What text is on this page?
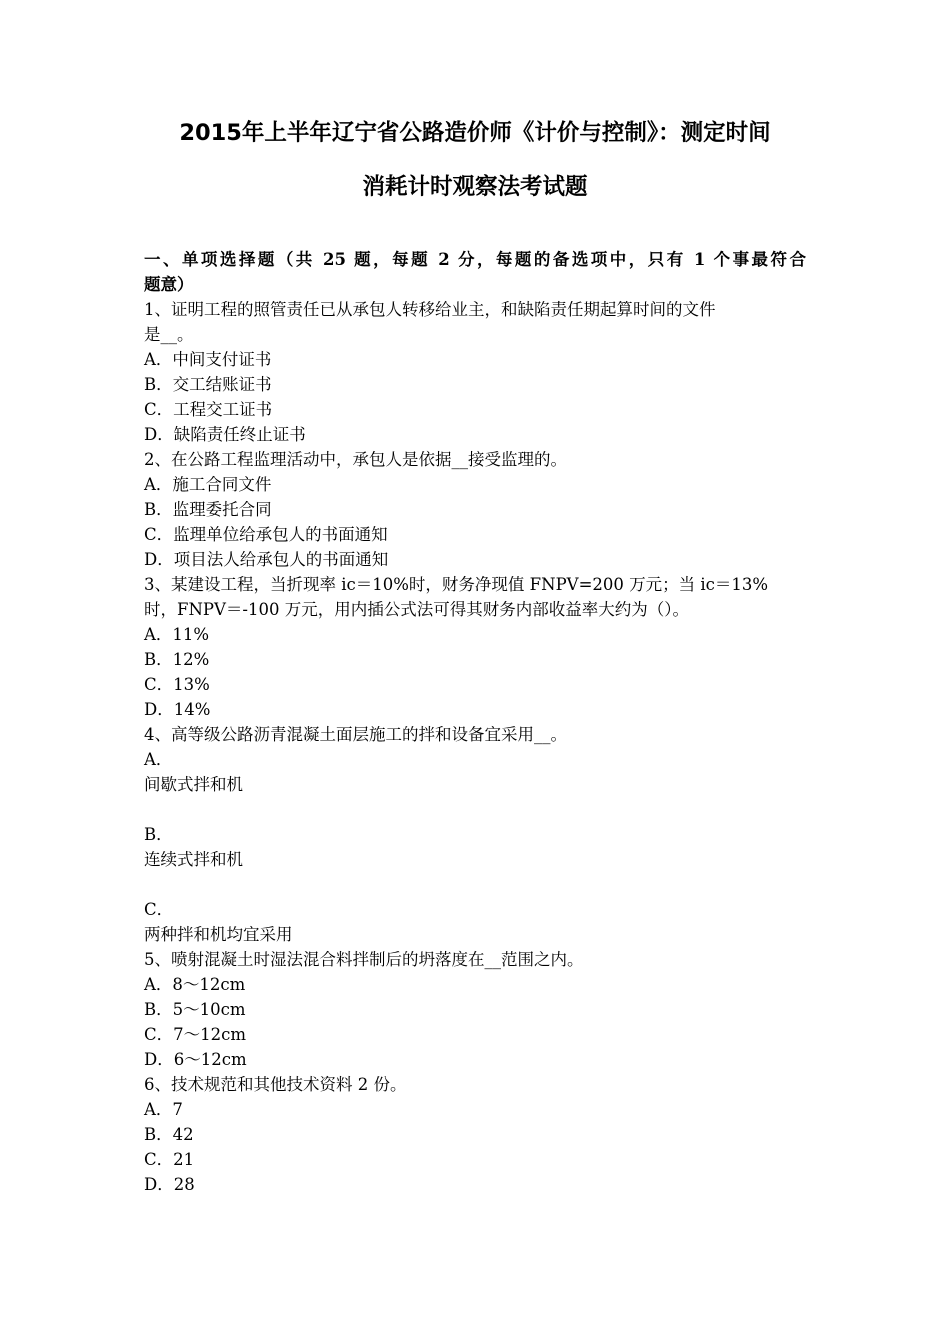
2015年上半年辽宁省公路造价师《计价与控制》：测定时间
消耗计时观察法考试题
一、单项选择题（共 25 题，每题 2 分，每题的备选项中，只有 1 个事最符合
题意）
1、证明工程的照管责任已从承包人转移给业主，和缺陷责任期起算时间的文件
是__。
A．中间支付证书
B．交工结账证书
C．工程交工证书
D．缺陷责任终止证书
2、在公路工程监理活动中，承包人是依据__接受监理的。
A．施工合同文件
B．监理委托合同
C．监理单位给承包人的书面通知
D．项目法人给承包人的书面通知
3、某建设工程，当折现率 ic＝10%时，财务净现值 FNPV=200 万元；当 ic＝13%
时，FNPV＝-100 万元，用内插公式法可得其财务内部收益率大约为（）。
A．11%
B．12%
C．13%
D．14%
4、高等级公路沥青混凝土面层施工的拌和设备宜采用__。
A．
间歇式拌和机
B．
连续式拌和机
C．
两种拌和机均宜采用
5、喷射混凝土时湿法混合料拌制后的坍落度在__范围之内。
A．8～12cm
B．5～10cm
C．7～12cm
D．6～12cm
6、技术规范和其他技术资料 2 份。
A．7
B．42
C．21
D．28
